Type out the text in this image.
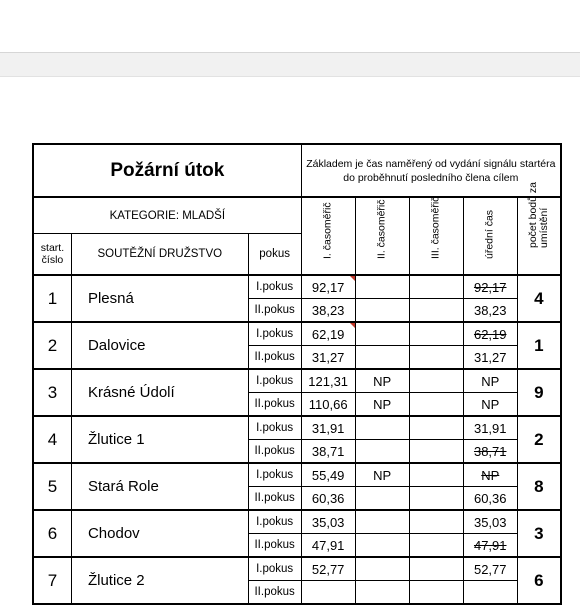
Požární útok			Základem je čas naměřený od vydání signálu startéra do proběhnutí posledního člena cílem				
KATEGORIE: MLADŠÍ			I. časoměřič	II. časoměřič	III. časoměřič	úřední čas	počet bodů za umístění

start. číslo	SOUTĚŽNÍ DRUŽSTVO	pokus					
1	Plesná	I.pokus	92,17			92,17	4
		II.pokus	38,23			38,23	
2	Dalovice	I.pokus	62,19			62,19	1
		II.pokus	31,27			31,27	
3	Krásné Údolí	I.pokus	121,31	NP		NP	9
		II.pokus	110,66	NP		NP	
4	Žlutice 1	I.pokus	31,91			31,91	2
		II.pokus	38,71			38,71	
5	Stará Role	I.pokus	55,49	NP		NP	8
		II.pokus	60,36			60,36	
6	Chodov	I.pokus	35,03			35,03	3
		II.pokus	47,91			47,91	
7	Žlutice 2	I.pokus	52,77			52,77	6
		II.pokus					
